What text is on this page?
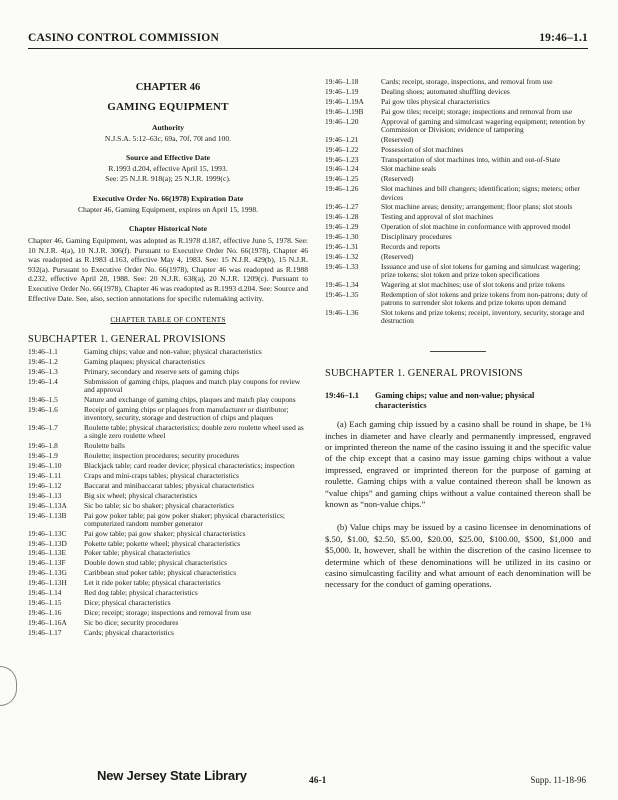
CASINO CONTROL COMMISSION	19:46–1.1
CHAPTER 46
GAMING EQUIPMENT
Authority
N.J.S.A. 5:12–63c, 69a, 70f, 70l and 100.
Source and Effective Date
R.1993 d.204, effective April 15, 1993.
See: 25 N.J.R. 918(a); 25 N.J.R. 1999(c).
Executive Order No. 66(1978) Expiration Date
Chapter 46, Gaming Equipment, expires on April 15, 1998.
Chapter Historical Note
Chapter 46, Gaming Equipment, was adopted as R.1978 d.187, effective June 5, 1978. See: 10 N.J.R. 4(a), 10 N.J.R. 306(f). Pursuant to Executive Order No. 66(1978), Chapter 46 was readopted as R.1983 d.163, effective May 4, 1983. See: 15 N.J.R. 429(b), 15 N.J.R. 932(a). Pursuant to Executive Order No. 66(1978), Chapter 46 was readopted as R.1988 d.232, effective April 28, 1988. See: 20 N.J.R. 638(a), 20 N.J.R. 1209(c). Pursuant to Executive Order No. 66(1978), Chapter 46 was readopted as R.1993 d.204. See: Source and Effective Date. See, also, section annotations for specific rulemaking activity.
CHAPTER TABLE OF CONTENTS
SUBCHAPTER 1. GENERAL PROVISIONS
19:46–1.1	Gaming chips; value and non-value; physical characteristics
19:46–1.2	Gaming plaques; physical characteristics
19:46–1.3	Primary, secondary and reserve sets of gaming chips
19:46–1.4	Submission of gaming chips, plaques and match play coupons for review and approval
19:46–1.5	Nature and exchange of gaming chips, plaques and match play coupons
19:46–1.6	Receipt of gaming chips or plaques from manufacturer or distributor; inventory, security, storage and destruction of chips and plaques
19:46–1.7	Roulette table; physical characteristics; double zero roulette wheel used as a single zero roulette wheel
19:46–1.8	Roulette balls
19:46–1.9	Roulette; inspection procedures; security procedures
19:46–1.10	Blackjack table; card reader device; physical characteristics; inspection
19:46–1.11	Craps and mini-craps tables; physical characteristics
19:46–1.12	Baccarat and minibaccarat tables; physical characteristics
19:46–1.13	Big six wheel; physical characteristics
19:46–1.13A	Sic bo table; sic bo shaker; physical characteristics
19:46–1.13B	Pai gow poker table; pai gow poker shaker; physical characteristics; computerized random number generator
19:46–1.13C	Pai gow table; pai gow shaker; physical characteristics
19:46–1.13D	Pokette table; pokette wheel; physical characteristics
19:46–1.13E	Poker table; physical characteristics
19:46–1.13F	Double down stud table; physical characteristics
19:46–1.13G	Caribbean stud poker table; physical characteristics
19:46–1.13H	Let it ride poker table; physical characteristics
19:46–1.14	Red dog table; physical characteristics
19:46–1.15	Dice; physical characteristics
19:46–1.16	Dice; receipt; storage; inspections and removal from use
19:46–1.16A	Sic bo dice; security procedures
19:46–1.17	Cards; physical characteristics
19:46–1.18	Cards; receipt, storage, inspections, and removal from use
19:46–1.19	Dealing shoes; automated shuffling devices
19:46–1.19A	Pai gow tiles physical characteristics
19:46–1.19B	Pai gow tiles; receipt; storage; inspections and removal from use
19:46–1.20	Approval of gaming and simulcast wagering equipment; retention by Commission or Division; evidence of tampering
19:46–1.21	(Reserved)
19:46–1.22	Possession of slot machines
19:46–1.23	Transportation of slot machines into, within and out-of-State
19:46–1.24	Slot machine seals
19:46–1.25	(Reserved)
19:46–1.26	Slot machines and bill changers; identification; signs; meters; other devices
19:46–1.27	Slot machine areas; density; arrangement; floor plans; slot stools
19:46–1.28	Testing and approval of slot machines
19:46–1.29	Operation of slot machine in conformance with approved model
19:46–1.30	Disciplinary procedures
19:46–1.31	Records and reports
19:46–1.32	(Reserved)
19:46–1.33	Issuance and use of slot tokens for gaming and simulcast wagering; prize tokens; slot token and prize token specifications
19:46–1.34	Wagering at slot machines; use of slot tokens and prize tokens
19:46–1.35	Redemption of slot tokens and prize tokens from non-patrons; duty of patrons to surrender slot tokens and prize tokens upon demand
19:46–1.36	Slot tokens and prize tokens; receipt, inventory, security, storage and destruction
SUBCHAPTER 1. GENERAL PROVISIONS
19:46–1.1 Gaming chips; value and non-value; physical characteristics
(a) Each gaming chip issued by a casino shall be round in shape, be 1⅜ inches in diameter and have clearly and permanently impressed, engraved or imprinted thereon the name of the casino issuing it and the specific value of the chip except that a casino may issue gaming chips without a value impressed, engraved or imprinted thereon for the purpose of gaming at roulette. Gaming chips with a value contained thereon shall be known as “value chips” and gaming chips without a value contained thereon shall be known as “non-value chips.”
(b) Value chips may be issued by a casino licensee in denominations of $.50, $1.00, $2.50, $5.00, $20.00, $25.00, $100.00, $500, $1,000 and $5,000. It, however, shall be within the discretion of the casino licensee to determine which of these denominations will be utilized in its casino or casino simulcasting facility and what amount of each denomination will be necessary for the conduct of gaming operations.
New Jersey State Library	46-1	Supp. 11-18-96
